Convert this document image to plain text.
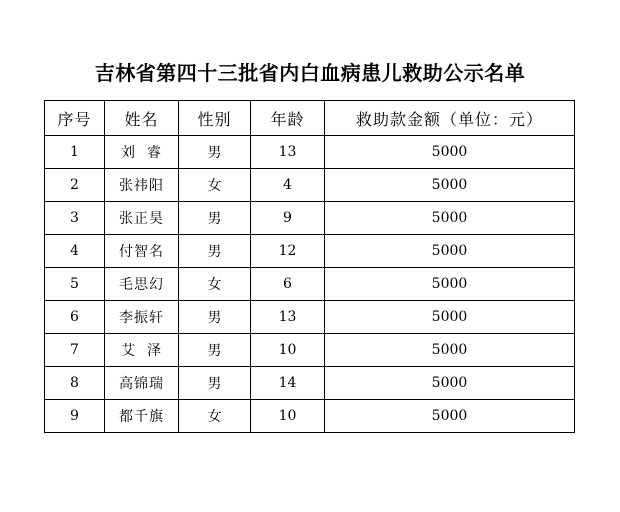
吉林省第四十三批省内白血病患儿救助公示名单
序号	姓名	性别	年龄	救助款金额（单位：元）
1	刘  睿	男	13	5000
2	张祎阳	女	4	5000
3	张正昊	男	9	5000
4	付智名	男	12	5000
5	毛思幻	女	6	5000
6	李振轩	男	13	5000
7	艾  泽	男	10	5000
8	高锦瑞	男	14	5000
9	都千旗	女	10	5000
